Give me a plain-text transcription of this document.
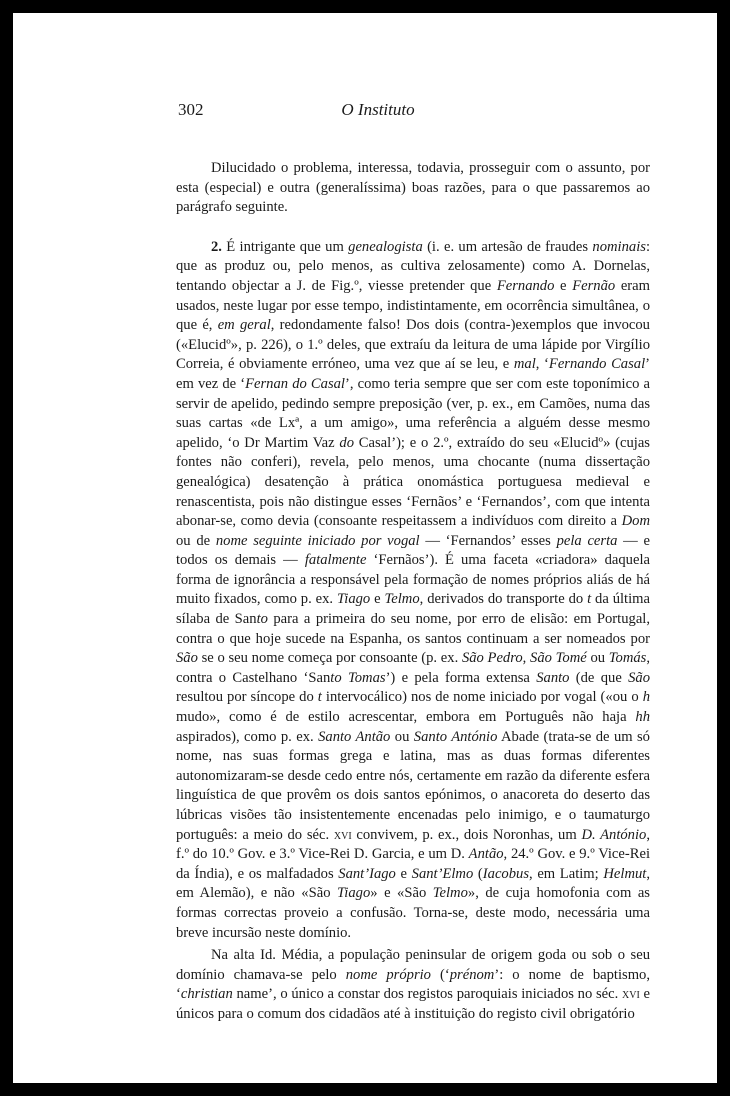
302	O Instituto

Dilucidado o problema, interessa, todavia, prosseguir com o assunto, por esta (especial) e outra (generalíssima) boas razões, para o que passaremos ao parágrafo seguinte.

2. É intrigante que um genealogista (i. e. um artesão de fraudes nominais: que as produz ou, pelo menos, as cultiva zelosamente) como A. Dornelas, tentando objectar a J. de Fig.º, viesse pretender que Fernando e Fernão eram usados, neste lugar por esse tempo, indistintamente, em ocorrência simultânea, o que é, em geral, redondamente falso! Dos dois (contra-)exemplos que invocou («Elucidº», p. 226), o 1.º deles, que extraíu da leitura de uma lápide por Virgílio Correia, é obviamente erróneo, uma vez que aí se leu, e mal, ‘Fernando Casal’ em vez de ‘Fernan do Casal’, como teria sempre que ser com este toponímico a servir de apelido, pedindo sempre preposição (ver, p. ex., em Camões, numa das suas cartas «de Lxª, a um amigo», uma referência a alguém desse mesmo apelido, ‘o Dr Martim Vaz do Casal’); e o 2.º, extraído do seu «Elucidº» (cujas fontes não conferi), revela, pelo menos, uma chocante (numa dissertação genealógica) desatenção à prática onomástica portuguesa medieval e renascentista, pois não distingue esses ‘Fernãos’ e ‘Fernandos’, com que intenta abonar-se, como devia (consoante respeitassem a indivíduos com direito a Dom ou de nome seguinte iniciado por vogal — ‘Fernandos’ esses pela certa — e todos os demais — fatalmente ‘Fernãos’). É uma faceta «criadora» daquela forma de ignorância a responsável pela formação de nomes próprios aliás de há muito fixados, como p. ex. Tiago e Telmo, derivados do transporte do t da última sílaba de Santo para a primeira do seu nome, por erro de elisão: em Portugal, contra o que hoje sucede na Espanha, os santos continuam a ser nomeados por São se o seu nome começa por consoante (p. ex. São Pedro, São Tomé ou Tomás, contra o Castelhano ‘Santo Tomas’) e pela forma extensa Santo (de que São resultou por síncope do t intervocálico) nos de nome iniciado por vogal («ou o h mudo», como é de estilo acrescentar, embora em Português não haja hh aspirados), como p. ex. Santo Antão ou Santo António Abade (trata-se de um só nome, nas suas formas grega e latina, mas as duas formas diferentes autonomizaram-se desde cedo entre nós, certamente em razão da diferente esfera linguística de que provêm os dois santos epónimos, o anacoreta do deserto das lúbricas visões tão insistentemente encenadas pelo inimigo, e o taumaturgo português: a meio do séc. xvi convivem, p. ex., dois Noronhas, um D. António, f.º do 10.º Gov. e 3.º Vice-Rei D. Garcia, e um D. Antão, 24.º Gov. e 9.º Vice-Rei da Índia), e os malfadados Sant’Iago e Sant’Elmo (Iacobus, em Latim; Helmut, em Alemão), e não «São Tiago» e «São Telmo», de cuja homofonia com as formas correctas proveio a confusão. Torna-se, deste modo, necessária uma breve incursão neste domínio.

Na alta Id. Média, a população peninsular de origem goda ou sob o seu domínio chamava-se pelo nome próprio (‘prénom’: o nome de baptismo, ‘christian name’, o único a constar dos registos paroquiais iniciados no séc. xvi e únicos para o comum dos cidadãos até à instituição do registo civil obrigatório
